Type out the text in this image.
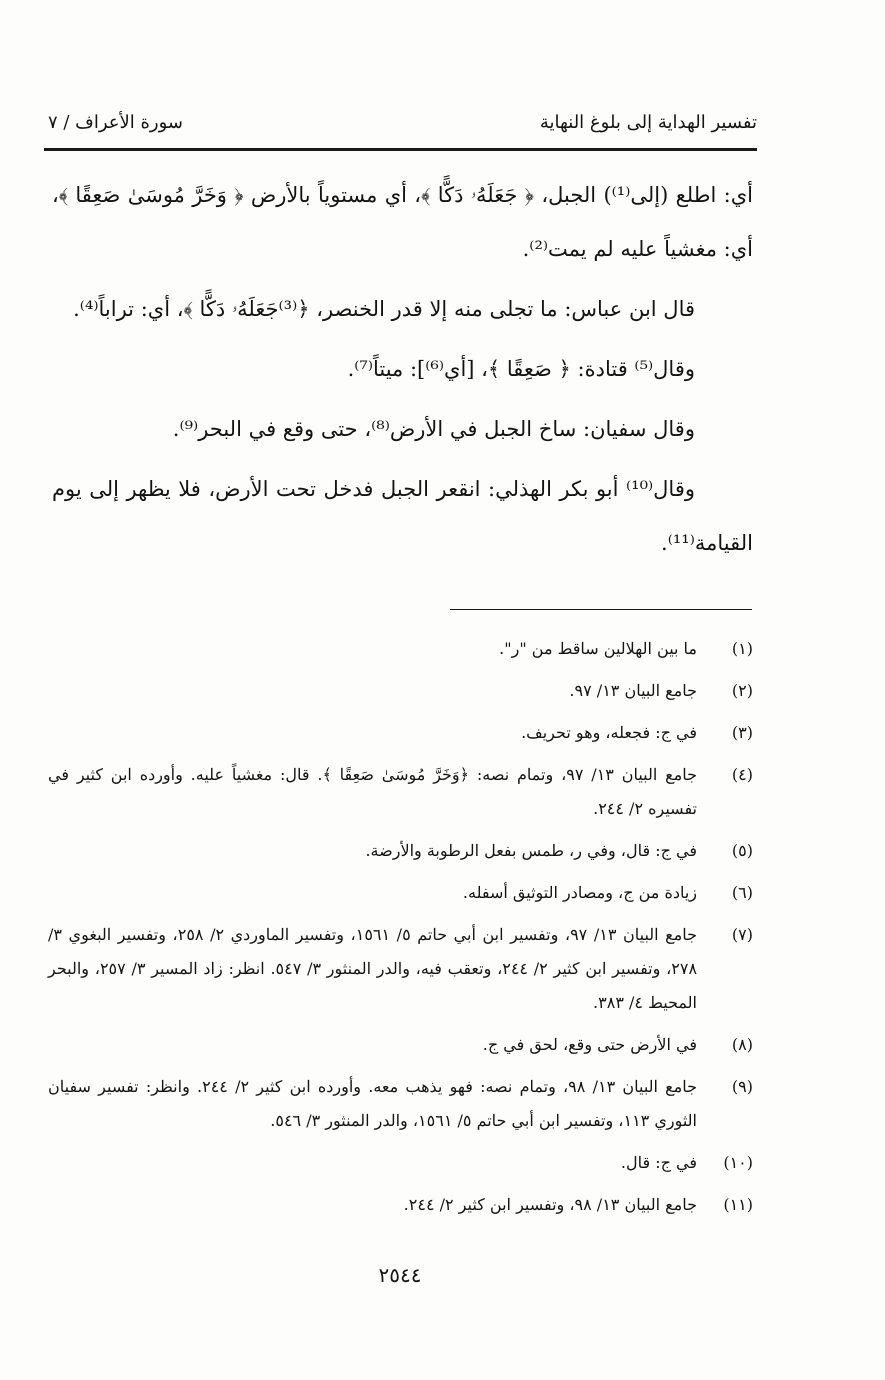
تفسير الهداية إلى بلوغ النهاية
سورة الأعراف / ٧

أي: اطلع (إلى⁽¹⁾) الجبل، ﴿ جَعَلَهُۥ دَكًّا ﴾، أي مستوياً بالأرض ﴿ وَخَرَّ مُوسَىٰ صَعِقًا ﴾، أي: مغشياً عليه لم يمت⁽²⁾.

قال ابن عباس: ما تجلى منه إلا قدر الخنصر، ﴿⁽³⁾جَعَلَهُۥ دَكًّا ﴾، أي: تراباً⁽⁴⁾.

وقال⁽⁵⁾ قتادة: ﴿ صَعِقًا ﴾، [أي⁽⁶⁾]: ميتاً⁽⁷⁾.

وقال سفيان: ساخ الجبل في الأرض⁽⁸⁾، حتى وقع في البحر⁽⁹⁾.

وقال⁽¹⁰⁾ أبو بكر الهذلي: انقعر الجبل فدخل تحت الأرض، فلا يظهر إلى يوم القيامة⁽¹¹⁾.

(١)
ما بين الهلالين ساقط من "ر".
(٢)
جامع البيان ١٣/ ٩٧.
(٣)
في ج: فجعله، وهو تحريف.
(٤)
جامع البيان ١٣/ ٩٧، وتمام نصه: ﴿وَخَرَّ مُوسَىٰ صَعِقًا ﴾. قال: مغشياً عليه. وأورده ابن كثير في تفسيره ٢/ ٢٤٤.
(٥)
في ج: قال، وفي ر، طمس بفعل الرطوبة والأرضة.
(٦)
زيادة من ج، ومصادر التوثيق أسفله.
(٧)
جامع البيان ١٣/ ٩٧، وتفسير ابن أبي حاتم ٥/ ١٥٦١، وتفسير الماوردي ٢/ ٢٥٨، وتفسير البغوي ٣/ ٢٧٨، وتفسير ابن كثير ٢/ ٢٤٤، وتعقب فيه، والدر المنثور ٣/ ٥٤٧. انظر: زاد المسير ٣/ ٢٥٧، والبحر المحيط ٤/ ٣٨٣.
(٨)
في الأرض حتى وقع، لحق في ج.
(٩)
جامع البيان ١٣/ ٩٨، وتمام نصه: فهو يذهب معه. وأورده ابن كثير ٢/ ٢٤٤. وانظر: تفسير سفيان الثوري ١١٣، وتفسير ابن أبي حاتم ٥/ ١٥٦١، والدر المنثور ٣/ ٥٤٦.
(١٠)
في ج: قال.
(١١)
جامع البيان ١٣/ ٩٨، وتفسير ابن كثير ٢/ ٢٤٤.
٢٥٤٤
